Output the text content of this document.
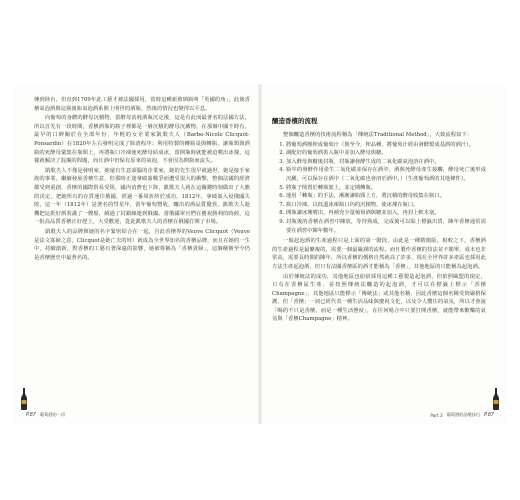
傳到陸台，但直到1709年此工藝才被法國採用，當時這種新玻璃瓶叫「英國的角」，此後香檳氣泡酒與這瓶後瓶氣泡酒系開上明世的酒瓶，然後的情況也變得以平息。

向葡萄的身體的酵母沉積物，當酵母消耗酒瓶沉定後，這是有此而最著名的法國方法，所以首先有一段時間，香檳酒瓶的瓶子裡都是一層沉積的酵母沉澱物，在那個中國不時有，最早的口碑關於在全部年份，年輕的女企業家凱歌夫人（Barbe-Nicole Clicquot-Ponsardin）在1820年左右發明完成了除渣程序；利用特製的轉瓶桌與轉瓶，讓瓶頸與酒瓶的死酵母彙集在瓶頸上，再將瓶口冷凍使死酵母結成冰，當開瓶時就能被迫噴出冰塊，這樣就解決了混濁的問題，而且酒中仍保有原來的氣泡，不會因為開瓶而流失。

凱歌夫人不僅是發明家，她還有生意頭腦的企業家，她的先生很早就過世，她是接手家族的事業，繼續發展香檳生意，但那時正逢拿破崙戰爭而遭受很大的衝擊，整個法國的經濟都受到重創，香檳的國際貿易受阻，國內消費也下降，凱歌夫人就在這關鍵時刻做出了大膽的決定，把她所有的存貨運往俄國，經過一番周折終於成功，1812年，拿破崙入侵俄國失敗，這一年（1812年）是著名的彗星年，當年葡萄豐收，釀出的酒品質優異，凱歌夫人趁機把這批好酒裝滿了一艘船，繞過了封鎖線運到俄國。當俄國軍官們在慶祝勝利的時候，這一批高品質香檳正好趕上，大受歡迎，從此凱歌夫人的香檳在俄國打開了市場。

凱歌夫人的品牌與她的名字緊密結合在一起，自此香檳界的Veuve Clicquot（Veuve是法文寡婦之意，Clicquot是她亡夫的姓）就成為全世界知名的香檳品牌，而且在她的一生中，持續創新，對香檳的工藝有著深遠的影響，她被尊稱為「香檳貴婦」，這個稱號至今仍是香檳歷史中最著名的。

P.87 葡萄酒的一切
釀造香檳的流程

整個釀造香檳的技術流程稱為「傳統法Traditional Method」，大致流程如下：

1. 將葡萄酒壓榨成葡萄汁（與至今，榨品種，將葡萄汁經由發酵製成基酒的酒汁）。
2. 調配好的葡萄酒裝入瓶中並加入酵母與糖。
3. 加入酵母與糖後封瓶，封瓶讓發酵生成的二氧化碳氣泡溶在酒中。
4. 瓶中的發酵作用產生二氧化碳並保存在酒中，酒與死酵母產生接觸，酵母死亡後形成沉澱，可以保存在酒中（二氧化碳也會溶於酒中。）（生產葡萄酒的其他條件）。
5. 將瓶子倒置於轉瓶架上，並定期轉瓶。
6. 運用「轉瓶」的手法，漸漸讓瓶頸上方，將沉積的酵母收集在瓶口。
7. 瓶口冷凍，以低溫冰凍瓶口內的沉積物，使冰塊在瓶口。
8. 開瓶讓冰塊噴出，再補充少量葡萄酒與糖並加入，再封上軟木塞。
9. 封瓶後的香檳在酒窖中陳放，等待熟成，完成後可以貼上標籤出貨，陳年香檳通常需要在酒窖中陳年數年。

一般起泡酒的生產過程只是上面的第一階段，由此是一種精簡版，相較之下，香檳酒的生產過程是最繁複的，需要一個最嚴謹的流程。而且製作香檳的技法並不簡單，成本也非常高，需要長時間的陳年，所以香檳的價格自然就高了許多，現在全世界許多產區也採用此方法生產起泡酒，但只有法國香檳區的酒才能稱為「香檳」，其他地區的只能稱為起泡酒。

由於傳統法的成功，其他地區也紛紛採用這種工藝製造起泡酒，但依照歐盟的規定，只有在香檳區生產、並按照傳統法釀造的起泡酒，才可以在標籤上標示「香檳Champagne」，其他地區只能標示「傳統法」或其他名稱，因此香檳這個名稱受到嚴格保護，但「香檳」一詞已經代表一種生活品味與慶祝文化，以及令人嚮往的氣氛，所以才會說「喝的不只是香檳，而是一種生活態度」，在任何場合中只要打開香檳，就能帶來歡樂的氣氛與「香檳Champagne」精神。

Part 3 葡萄酒的品嚐技巧 P.87
